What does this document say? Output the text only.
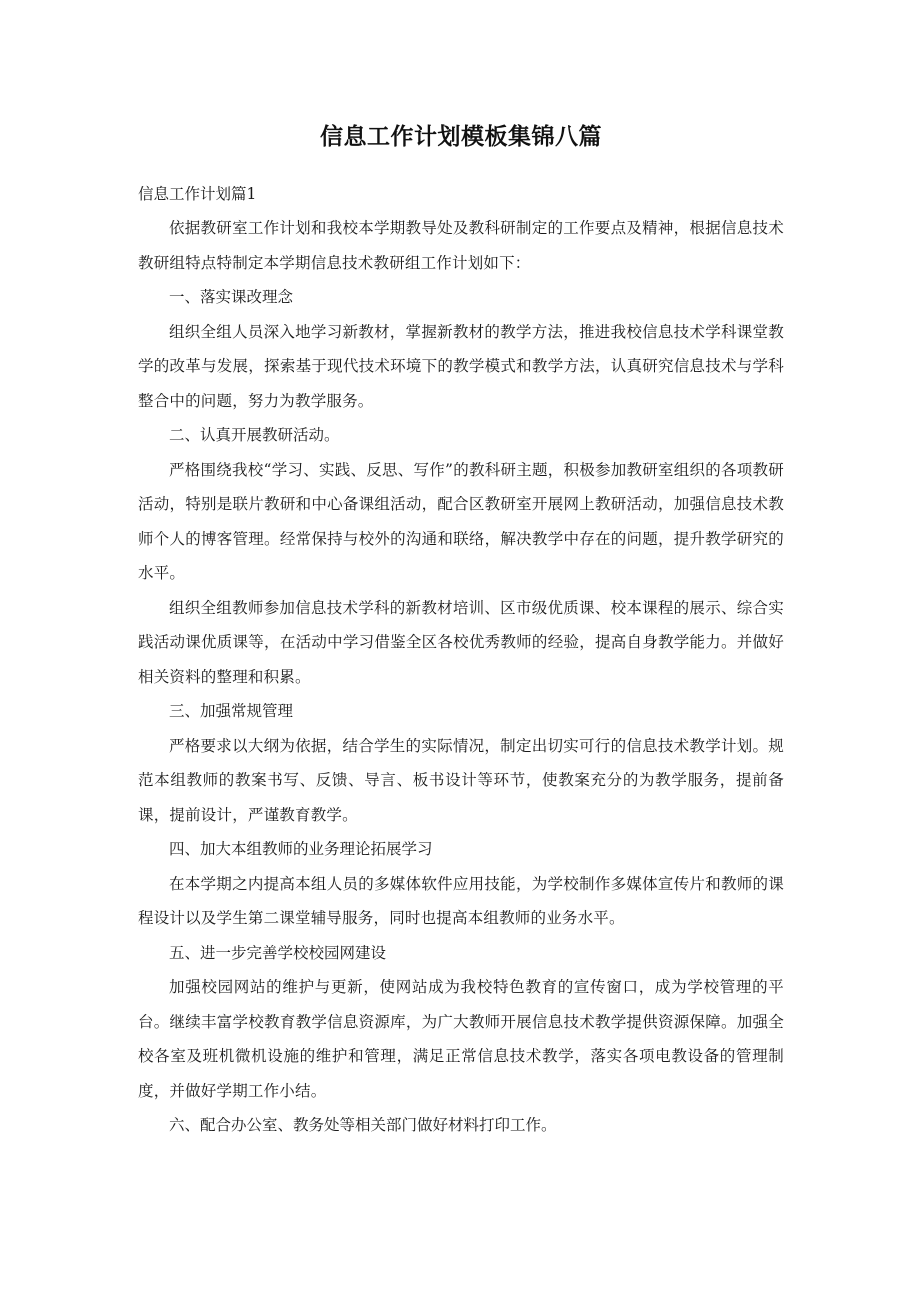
信息工作计划模板集锦八篇

信息工作计划篇1

依据教研室工作计划和我校本学期教导处及教科研制定的工作要点及精神，根据信息技术教研组特点特制定本学期信息技术教研组工作计划如下：

一、落实课改理念

组织全组人员深入地学习新教材，掌握新教材的教学方法，推进我校信息技术学科课堂教学的改革与发展，探索基于现代技术环境下的教学模式和教学方法，认真研究信息技术与学科整合中的问题，努力为教学服务。

二、认真开展教研活动。

严格围绕我校“学习、实践、反思、写作”的教科研主题，积极参加教研室组织的各项教研活动，特别是联片教研和中心备课组活动，配合区教研室开展网上教研活动，加强信息技术教师个人的博客管理。经常保持与校外的沟通和联络，解决教学中存在的问题，提升教学研究的水平。

组织全组教师参加信息技术学科的新教材培训、区市级优质课、校本课程的展示、综合实践活动课优质课等，在活动中学习借鉴全区各校优秀教师的经验，提高自身教学能力。并做好相关资料的整理和积累。

三、加强常规管理

严格要求以大纲为依据，结合学生的实际情况，制定出切实可行的信息技术教学计划。规范本组教师的教案书写、反馈、导言、板书设计等环节，使教案充分的为教学服务，提前备课，提前设计，严谨教育教学。

四、加大本组教师的业务理论拓展学习

在本学期之内提高本组人员的多媒体软件应用技能，为学校制作多媒体宣传片和教师的课程设计以及学生第二课堂辅导服务，同时也提高本组教师的业务水平。

五、进一步完善学校校园网建设

加强校园网站的维护与更新，使网站成为我校特色教育的宣传窗口，成为学校管理的平台。继续丰富学校教育教学信息资源库，为广大教师开展信息技术教学提供资源保障。加强全校各室及班机微机设施的维护和管理，满足正常信息技术教学，落实各项电教设备的管理制度，并做好学期工作小结。

六、配合办公室、教务处等相关部门做好材料打印工作。
